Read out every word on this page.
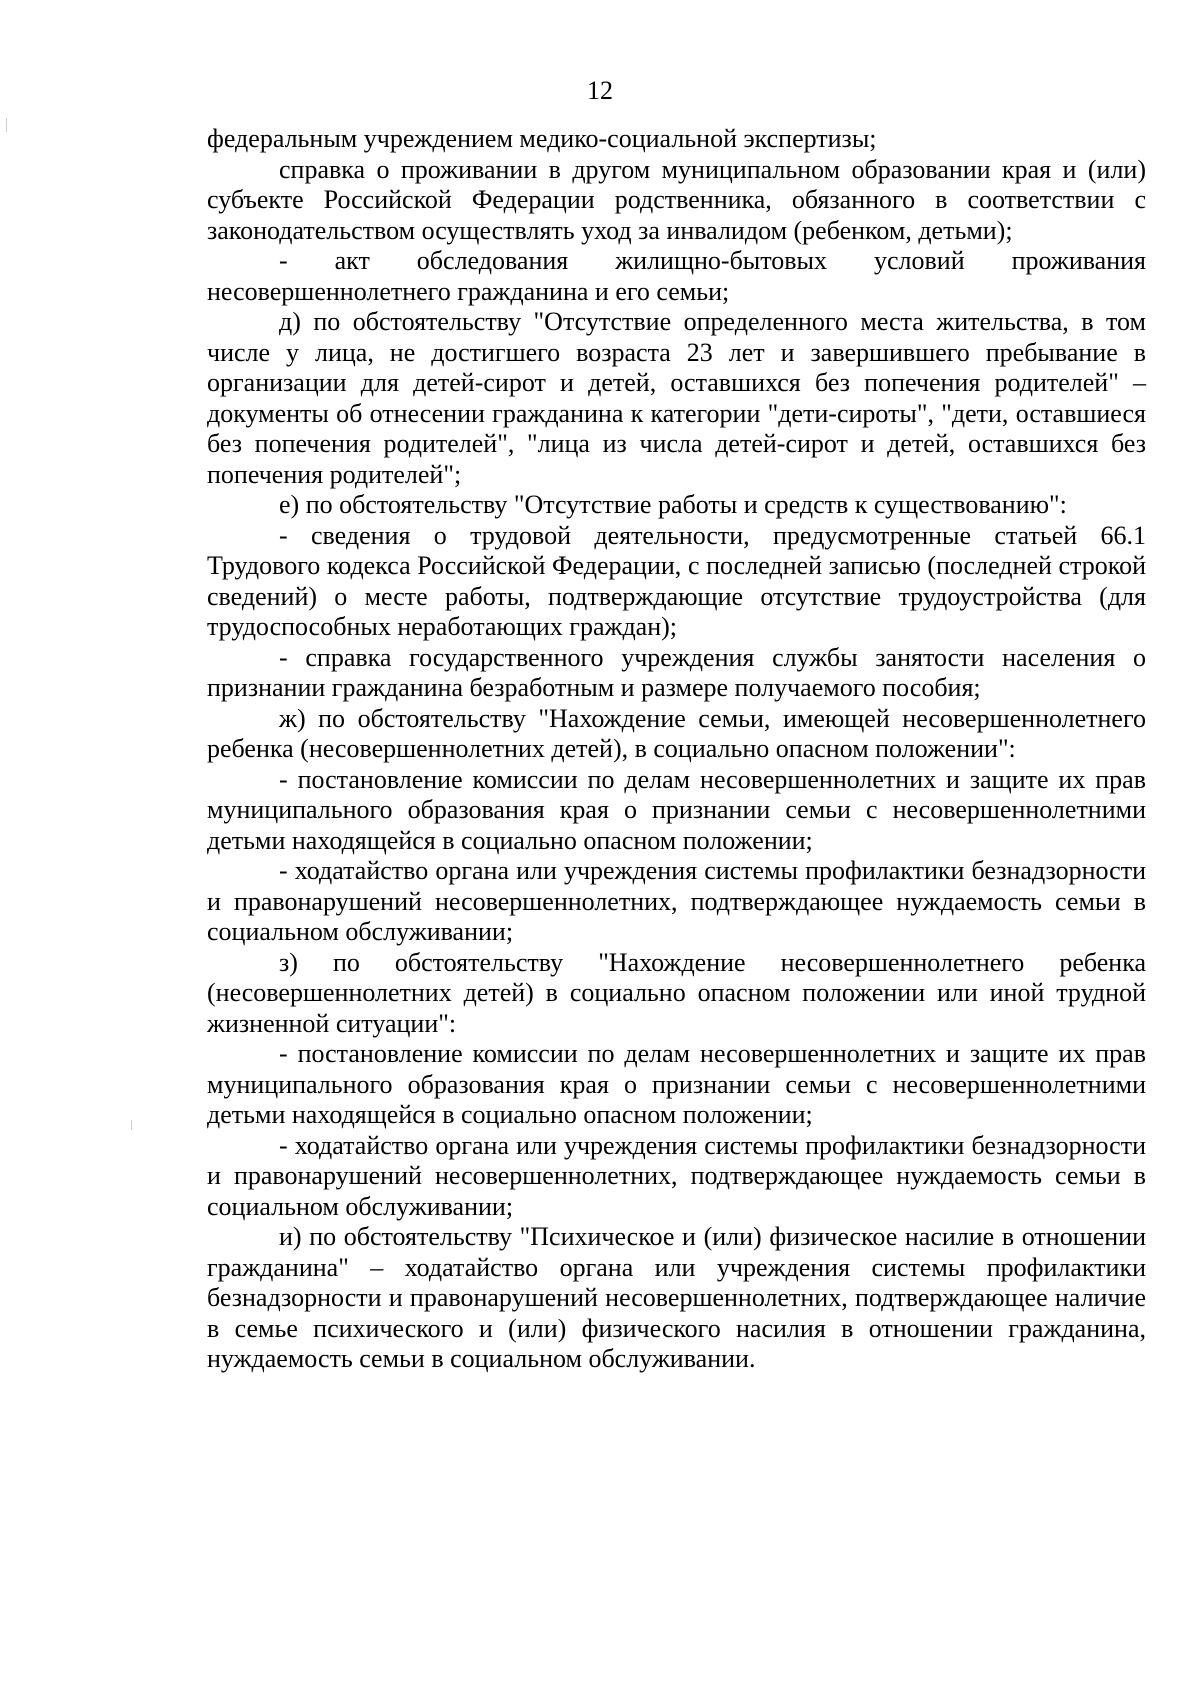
12

федеральным учреждением медико-социальной экспертизы;

справка о проживании в другом муниципальном образовании края и (или) субъекте Российской Федерации родственника, обязанного в соответствии с законодательством осуществлять уход за инвалидом (ребенком, детьми);

- акт обследования жилищно-бытовых условий проживания несовершеннолетнего гражданина и его семьи;

д) по обстоятельству "Отсутствие определенного места жительства, в том числе у лица, не достигшего возраста 23 лет и завершившего пребывание в организации для детей-сирот и детей, оставшихся без попечения родителей" – документы об отнесении гражданина к категории "дети-сироты", "дети, оставшиеся без попечения родителей", "лица из числа детей-сирот и детей, оставшихся без попечения родителей";

е) по обстоятельству "Отсутствие работы и средств к существованию":

- сведения о трудовой деятельности, предусмотренные статьей 66.1 Трудового кодекса Российской Федерации, с последней записью (последней строкой сведений) о месте работы, подтверждающие отсутствие трудоустройства (для трудоспособных неработающих граждан);

- справка государственного учреждения службы занятости населения о признании гражданина безработным и размере получаемого пособия;

ж) по обстоятельству "Нахождение семьи, имеющей несовершеннолетнего ребенка (несовершеннолетних детей), в социально опасном положении":

- постановление комиссии по делам несовершеннолетних и защите их прав муниципального образования края о признании семьи с несовершеннолетними детьми находящейся в социально опасном положении;

- ходатайство органа или учреждения системы профилактики безнадзорности и правонарушений несовершеннолетних, подтверждающее нуждаемость семьи в социальном обслуживании;

з) по обстоятельству "Нахождение несовершеннолетнего ребенка (несовершеннолетних детей) в социально опасном положении или иной трудной жизненной ситуации":

- постановление комиссии по делам несовершеннолетних и защите их прав муниципального образования края о признании семьи с несовершеннолетними детьми находящейся в социально опасном положении;

- ходатайство органа или учреждения системы профилактики безнадзорности и правонарушений несовершеннолетних, подтверждающее нуждаемость семьи в социальном обслуживании;

и) по обстоятельству "Психическое и (или) физическое насилие в отношении гражданина" – ходатайство органа или учреждения системы профилактики безнадзорности и правонарушений несовершеннолетних, подтверждающее наличие в семье психического и (или) физического насилия в отношении гражданина, нуждаемость семьи в социальном обслуживании.
